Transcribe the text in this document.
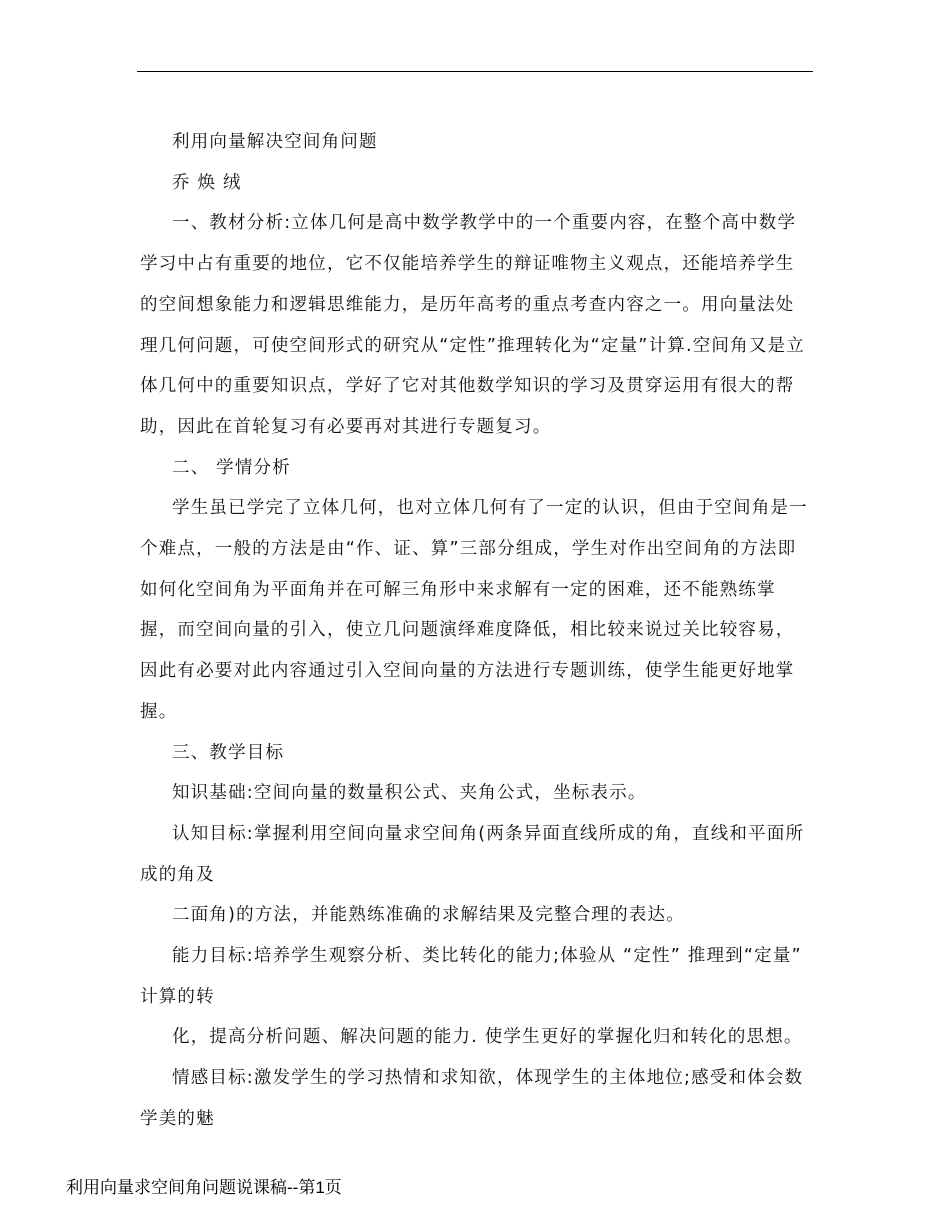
利用向量解决空间角问题

乔 焕 绒

一、教材分析:立体几何是高中数学教学中的一个重要内容，在整个高中数学学习中占有重要的地位，它不仅能培养学生的辩证唯物主义观点，还能培养学生的空间想象能力和逻辑思维能力，是历年高考的重点考查内容之一。用向量法处理几何问题，可使空间形式的研究从“定性”推理转化为“定量”计算.空间角又是立体几何中的重要知识点，学好了它对其他数学知识的学习及贯穿运用有很大的帮助，因此在首轮复习有必要再对其进行专题复习。

二、 学情分析

学生虽已学完了立体几何，也对立体几何有了一定的认识，但由于空间角是一个难点，一般的方法是由“作、证、算”三部分组成，学生对作出空间角的方法即如何化空间角为平面角并在可解三角形中来求解有一定的困难，还不能熟练掌握，而空间向量的引入，使立几问题演绎难度降低，相比较来说过关比较容易，因此有必要对此内容通过引入空间向量的方法进行专题训练，使学生能更好地掌握。

三、教学目标

知识基础:空间向量的数量积公式、夹角公式，坐标表示。

认知目标:掌握利用空间向量求空间角(两条异面直线所成的角，直线和平面所成的角及

二面角)的方法，并能熟练准确的求解结果及完整合理的表达。

能力目标:培养学生观察分析、类比转化的能力;体验从 “定性” 推理到“定量” 计算的转

化，提高分析问题、解决问题的能力. 使学生更好的掌握化归和转化的思想。

情感目标:激发学生的学习热情和求知欲，体现学生的主体地位;感受和体会数学美的魅

利用向量求空间角问题说课稿--第1页
